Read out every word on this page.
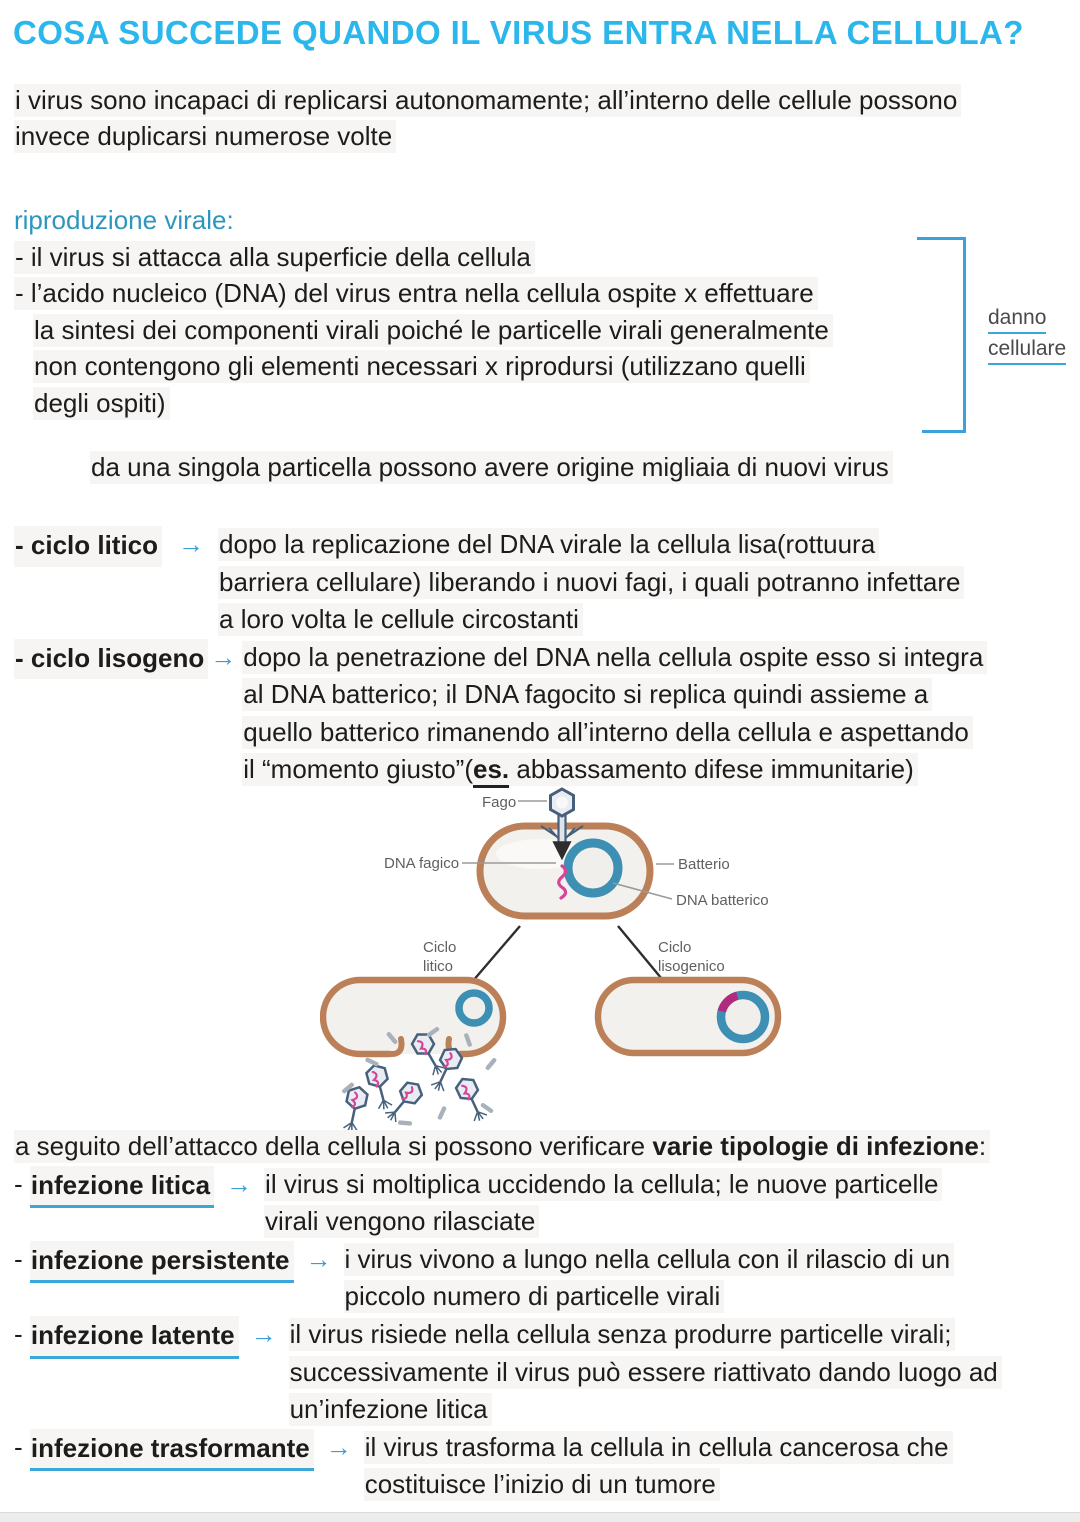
COSA SUCCEDE QUANDO IL VIRUS ENTRA NELLA CELLULA?
i virus sono incapaci di replicarsi autonomamente; all’interno delle cellule possono
invece duplicarsi numerose volte
riproduzione virale:
- il virus si attacca alla superficie della cellula
- l’acido nucleico (DNA) del virus entra nella cellula ospite x effettuare
la sintesi dei componenti virali poiché le particelle virali generalmente
non contengono gli elementi necessari x riprodursi (utilizzano quelli
degli ospiti)
danno
cellulare
da una singola particella possono avere origine migliaia di nuovi virus
- ciclo litico → dopo la replicazione del DNA virale la cellula lisa(rottuura
barriera cellulare) liberando i nuovi fagi, i quali potranno infettare
a loro volta le cellule circostanti
- ciclo lisogeno → dopo la penetrazione del DNA nella cellula ospite esso si integra
al DNA batterico; il DNA fagocito si replica quindi assieme a
quello batterico rimanendo all’interno della cellula e aspettando
il “momento giusto”(es. abbassamento difese immunitarie)
Fago
DNA fagico	Batterio
DNA batterico
Ciclo
litico
Ciclo
lisogenico
a seguito dell’attacco della cellula si possono verificare varie tipologie di infezione:
- infezione litica → il virus si moltiplica uccidendo la cellula; le nuove particelle
virali vengono rilasciate
- infezione persistente → i virus vivono a lungo nella cellula con il rilascio di un
piccolo numero di particelle virali
- infezione latente → il virus risiede nella cellula senza produrre particelle virali;
successivamente il virus può essere riattivato dando luogo ad
un’infezione litica
- infezione trasformante → il virus trasforma la cellula in cellula cancerosa che
costituisce l’inizio di un tumore
